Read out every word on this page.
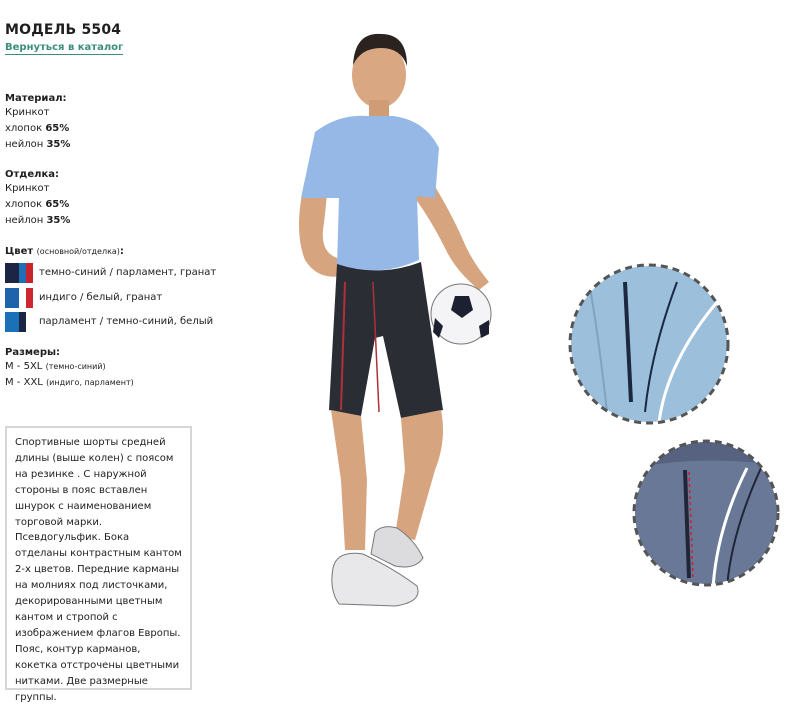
МОДЕЛЬ 5504
Вернуться в каталог
Материал:
Кринкот
хлопок 65%
нейлон 35%
Отделка:
Кринкот
хлопок 65%
нейлон 35%
Цвет (основной/отделка):
темно-синий / парламент, гранат
индиго / белый, гранат
парламент / темно-синий, белый
Размеры:
M - 5XL (темно-синий)
M - XXL (индиго, парламент)
Спортивные шорты средней длины (выше колен) с поясом на резинке . С наружной стороны в пояс вставлен шнурок с наименованием торговой марки. Псевдогульфик. Бока отделаны контрастным кантом 2-х цветов. Передние карманы на молниях под листочками, декорированными цветным кантом и стропой с изображением флагов Европы. Пояс, контур карманов, кокетка отстрочены цветными нитками. Две размерные группы.
